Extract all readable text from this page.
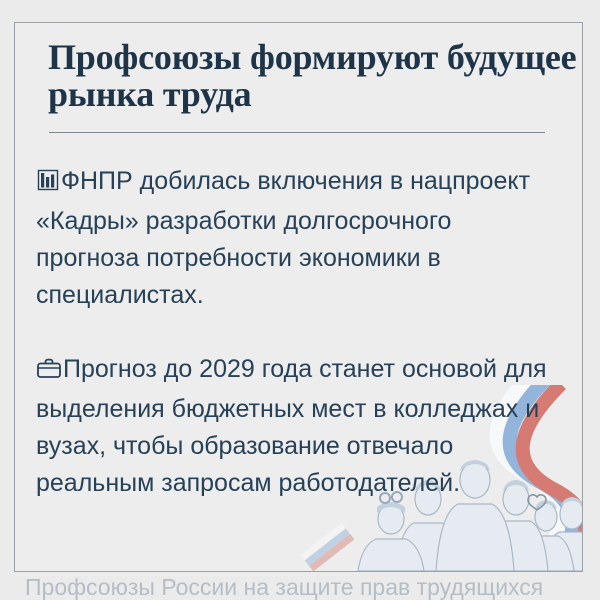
Профсоюзы формируют будущее
рынка труда

ФНПР добилась включения в нацпроект «Кадры» разработки долгосрочного прогноза потребности экономики в специалистах.

Прогноз до 2029 года станет основой для выделения бюджетных мест в колледжах и вузах, чтобы образование отвечало реальным запросам работодателей.

Профсоюзы России на защите прав трудящихся
